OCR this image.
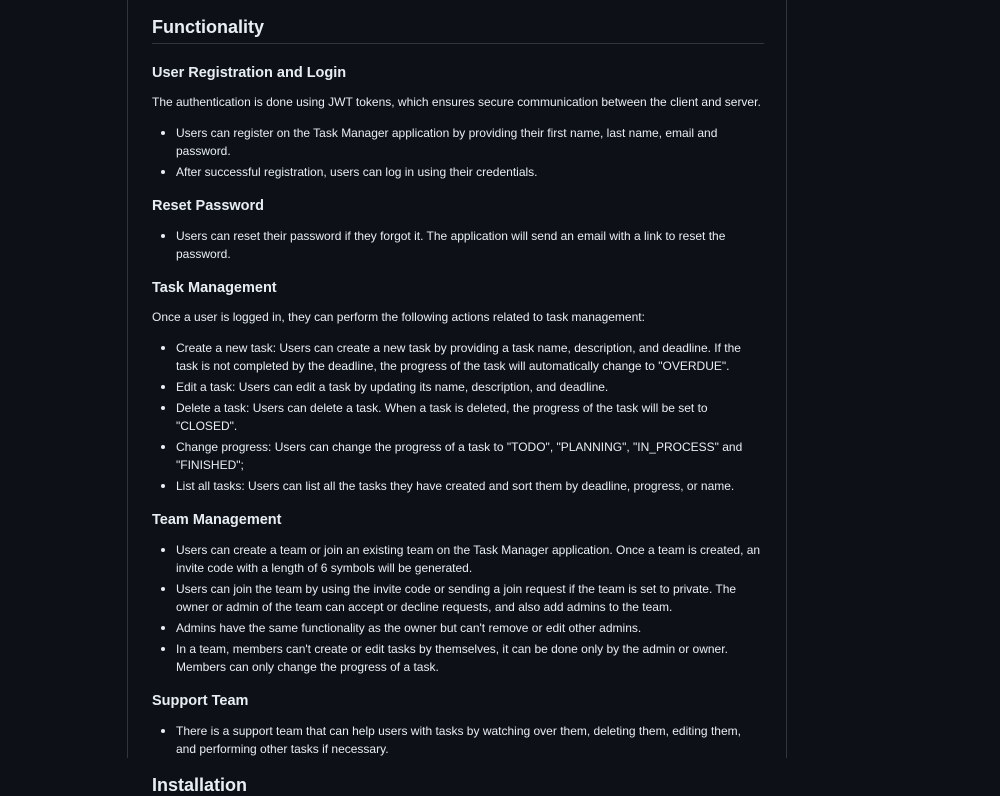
Functionality
User Registration and Login

The authentication is done using JWT tokens, which ensures secure communication between the client and server.

Users can register on the Task Manager application by providing their first name, last name, email and password.
After successful registration, users can log in using their credentials.
Reset Password
Users can reset their password if they forgot it. The application will send an email with a link to reset the password.
Task Management

Once a user is logged in, they can perform the following actions related to task management:

Create a new task: Users can create a new task by providing a task name, description, and deadline. If the task is not completed by the deadline, the progress of the task will automatically change to "OVERDUE".
Edit a task: Users can edit a task by updating its name, description, and deadline.
Delete a task: Users can delete a task. When a task is deleted, the progress of the task will be set to "CLOSED".
Change progress: Users can change the progress of a task to "TODO", "PLANNING", "IN_PROCESS" and "FINISHED";
List all tasks: Users can list all the tasks they have created and sort them by deadline, progress, or name.
Team Management
Users can create a team or join an existing team on the Task Manager application. Once a team is created, an invite code with a length of 6 symbols will be generated.
Users can join the team by using the invite code or sending a join request if the team is set to private. The owner or admin of the team can accept or decline requests, and also add admins to the team.
Admins have the same functionality as the owner but can't remove or edit other admins.
In a team, members can't create or edit tasks by themselves, it can be done only by the admin or owner. Members can only change the progress of a task.
Support Team
There is a support team that can help users with tasks by watching over them, deleting them, editing them, and performing other tasks if necessary.
Installation
